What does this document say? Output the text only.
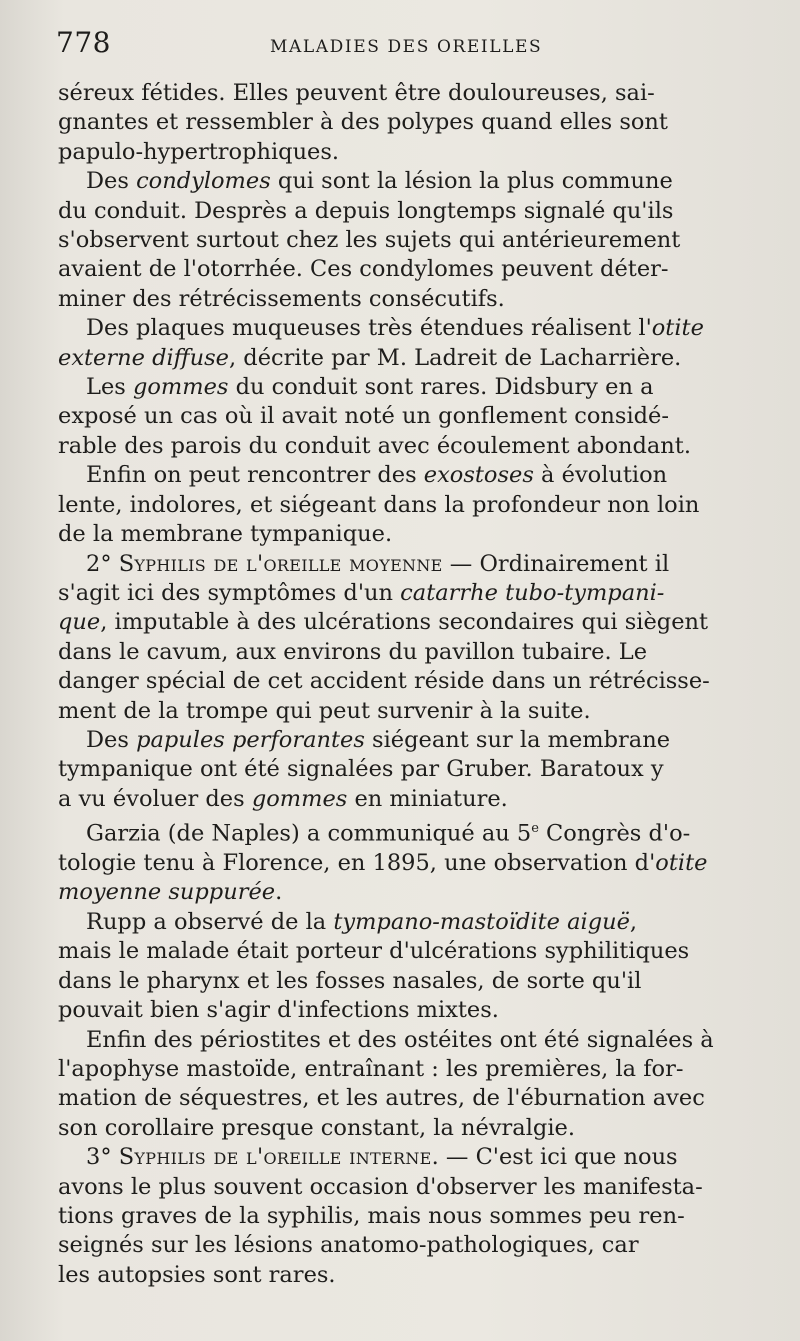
778	MALADIES DES OREILLES

séreux fétides. Elles peuvent être douloureuses, sai-
gnantes et ressembler à des polypes quand elles sont
papulo-hypertrophiques.

Des condylomes qui sont la lésion la plus commune
du conduit. Desprès a depuis longtemps signalé qu'ils
s'observent surtout chez les sujets qui antérieurement
avaient de l'otorrhée. Ces condylomes peuvent déter-
miner des rétrécissements consécutifs.

Des plaques muqueuses très étendues réalisent l'otite
externe diffuse, décrite par M. Ladreit de Lacharrière.

Les gommes du conduit sont rares. Didsbury en a
exposé un cas où il avait noté un gonflement considé-
rable des parois du conduit avec écoulement abondant.

Enfin on peut rencontrer des exostoses à évolution
lente, indolores, et siégeant dans la profondeur non loin
de la membrane tympanique.

2° Syphilis de l'oreille moyenne — Ordinairement il
s'agit ici des symptômes d'un catarrhe tubo-tympani-
que, imputable à des ulcérations secondaires qui siègent
dans le cavum, aux environs du pavillon tubaire. Le
danger spécial de cet accident réside dans un rétrécisse-
ment de la trompe qui peut survenir à la suite.

Des papules perforantes siégeant sur la membrane
tympanique ont été signalées par Gruber. Baratoux y
a vu évoluer des gommes en miniature.

Garzia (de Naples) a communiqué au 5e Congrès d'o-
tologie tenu à Florence, en 1895, une observation d'otite
moyenne suppurée.

Rupp a observé de la tympano-mastoïdite aiguë,
mais le malade était porteur d'ulcérations syphilitiques
dans le pharynx et les fosses nasales, de sorte qu'il
pouvait bien s'agir d'infections mixtes.

Enfin des périostites et des ostéites ont été signalées à
l'apophyse mastoïde, entraînant : les premières, la for-
mation de séquestres, et les autres, de l'éburnation avec
son corollaire presque constant, la névralgie.

3° Syphilis de l'oreille interne. — C'est ici que nous
avons le plus souvent occasion d'observer les manifesta-
tions graves de la syphilis, mais nous sommes peu ren-
seignés sur les lésions anatomo-pathologiques, car
les autopsies sont rares.
